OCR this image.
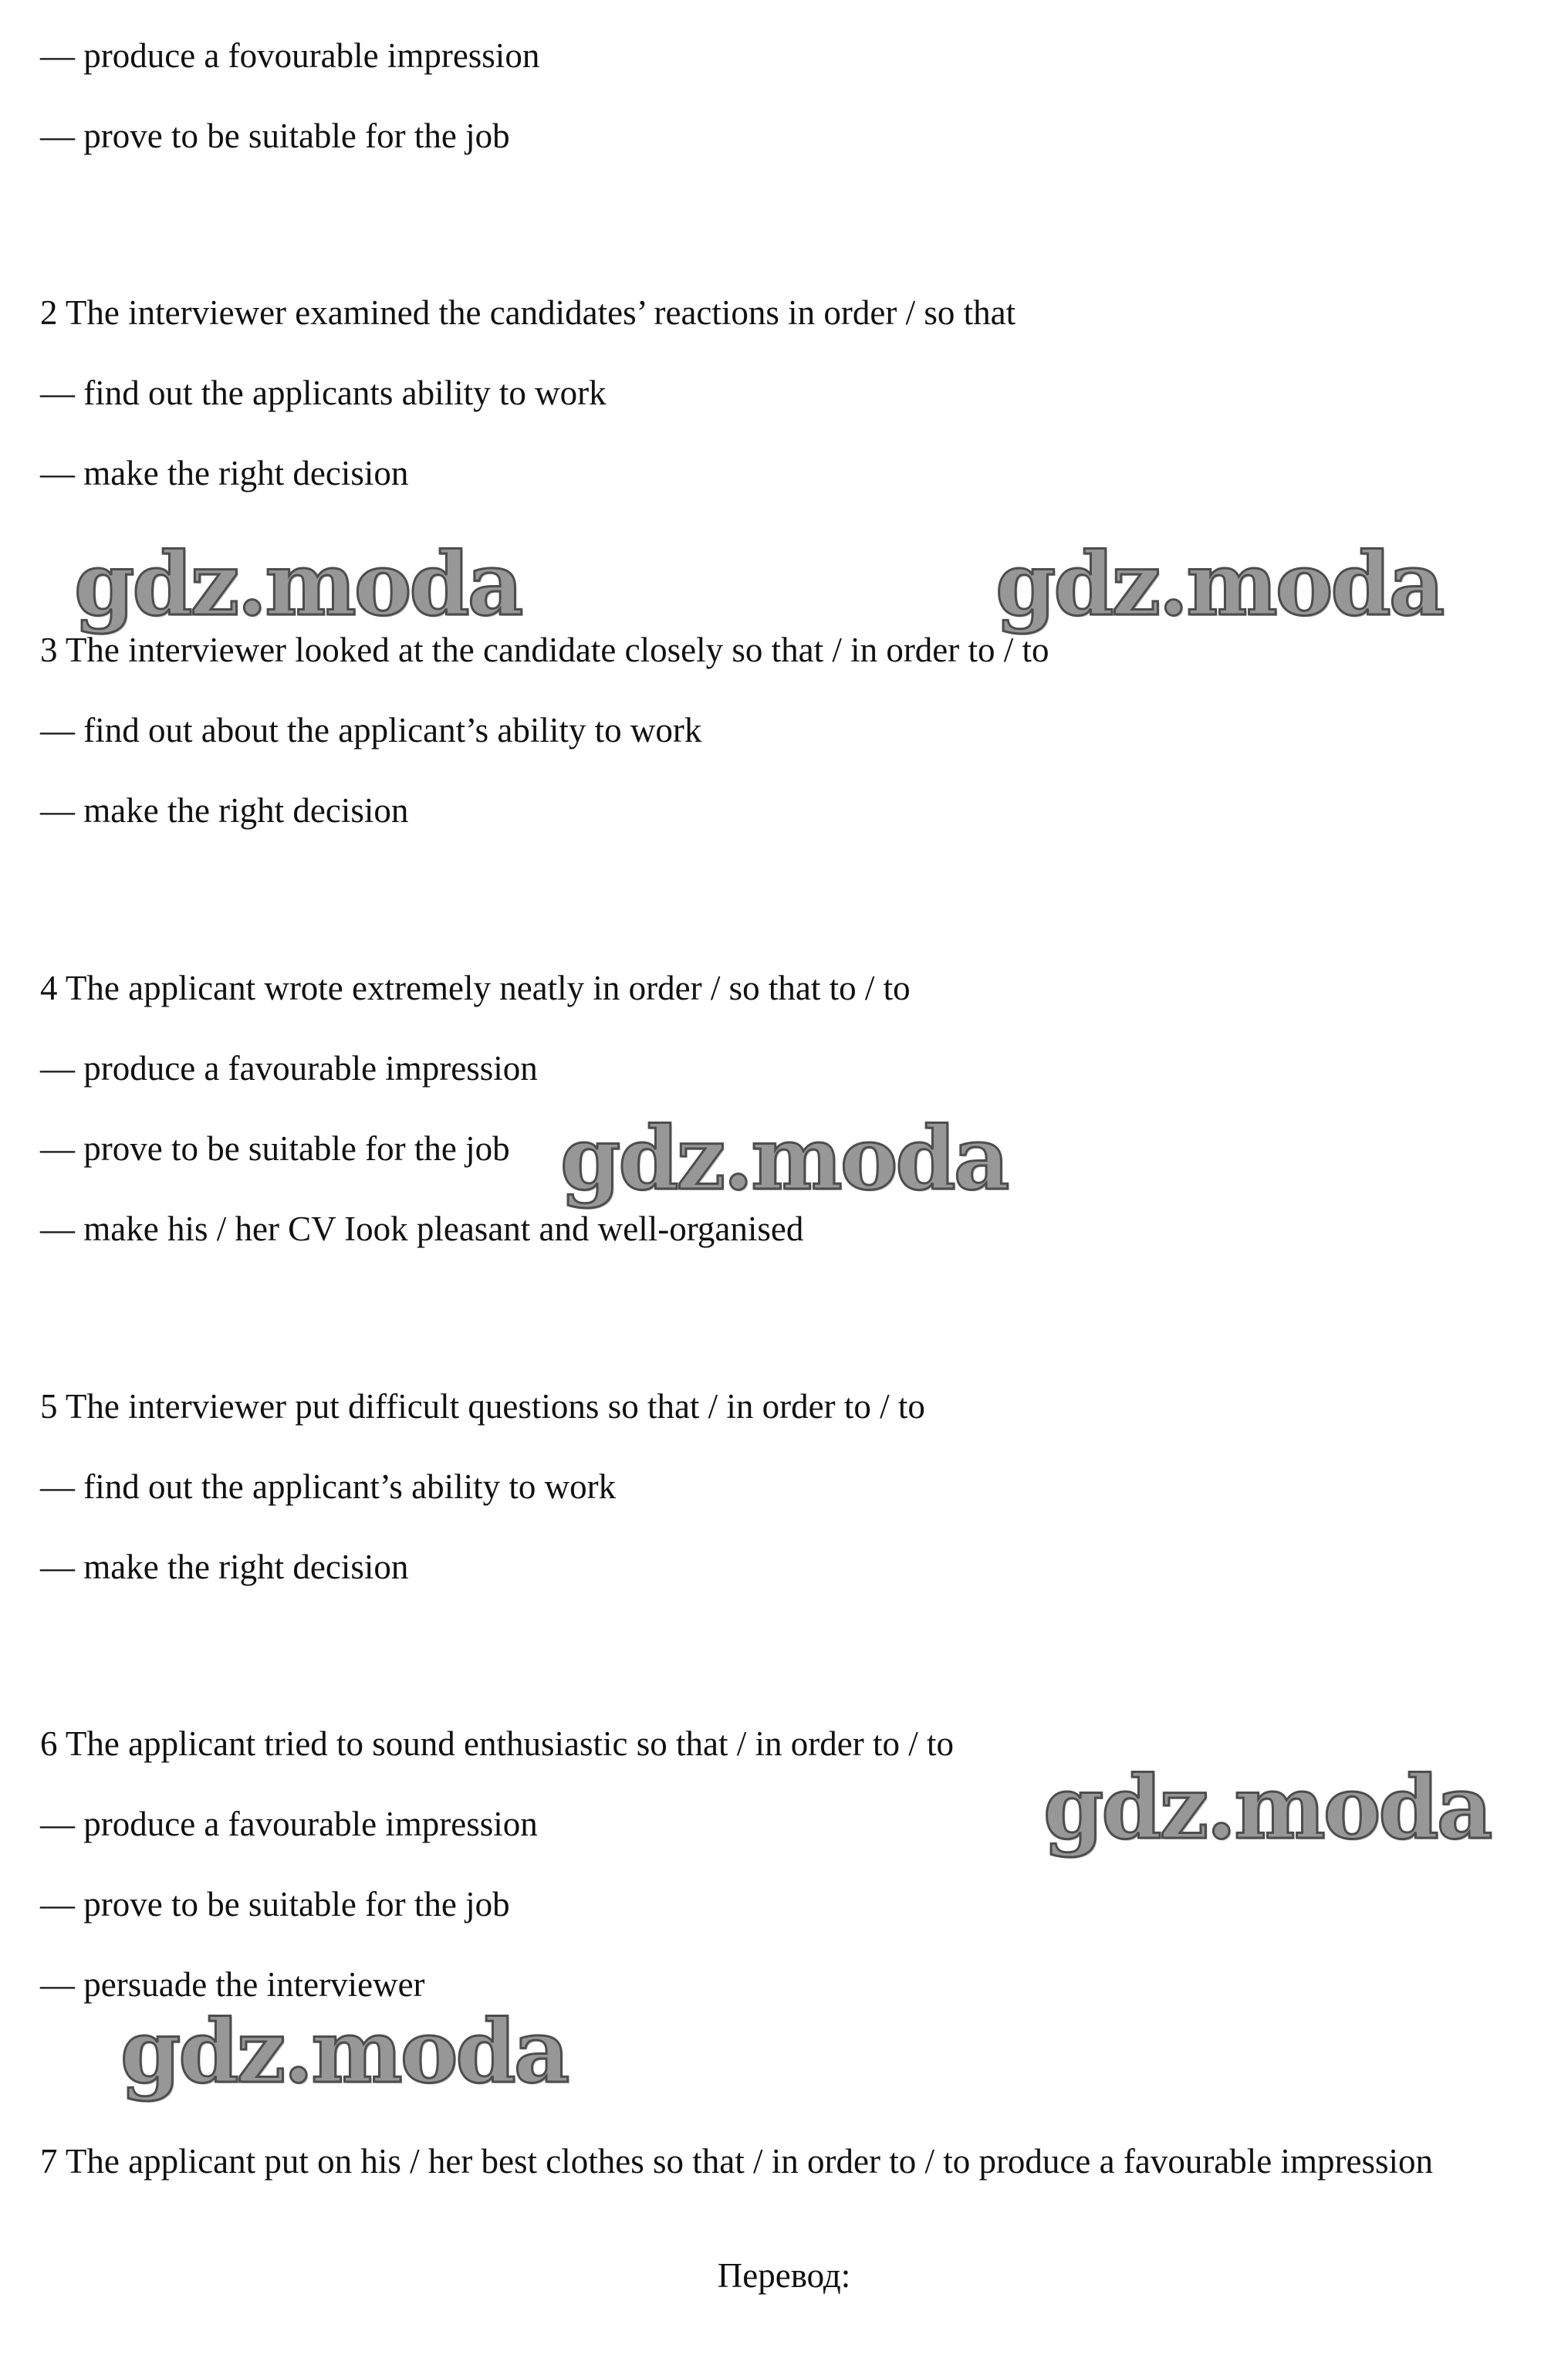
— produce a fovourable impression
— prove to be suitable for the job
2 The interviewer examined the candidates’ reactions in order / so that
— find out the applicants ability to work
— make the right decision
3 The interviewer looked at the candidate closely so that / in order to / to
— find out about the applicant’s ability to work
— make the right decision
4 The applicant wrote extremely neatly in order / so that to / to
— produce a favourable impression
— prove to be suitable for the job
— make his / her CV Iook pleasant and well-organised
5 The interviewer put difficult questions so that / in order to / to
— find out the applicant’s ability to work
— make the right decision
6 The applicant tried to sound enthusiastic so that / in order to / to
— produce a favourable impression
— prove to be suitable for the job
— persuade the interviewer
7 The applicant put on his / her best clothes so that / in order to / to produce a favourable impression
Перевод:
gdz.moda	gdz.moda
gdz.moda
gdz.moda
gdz.moda
